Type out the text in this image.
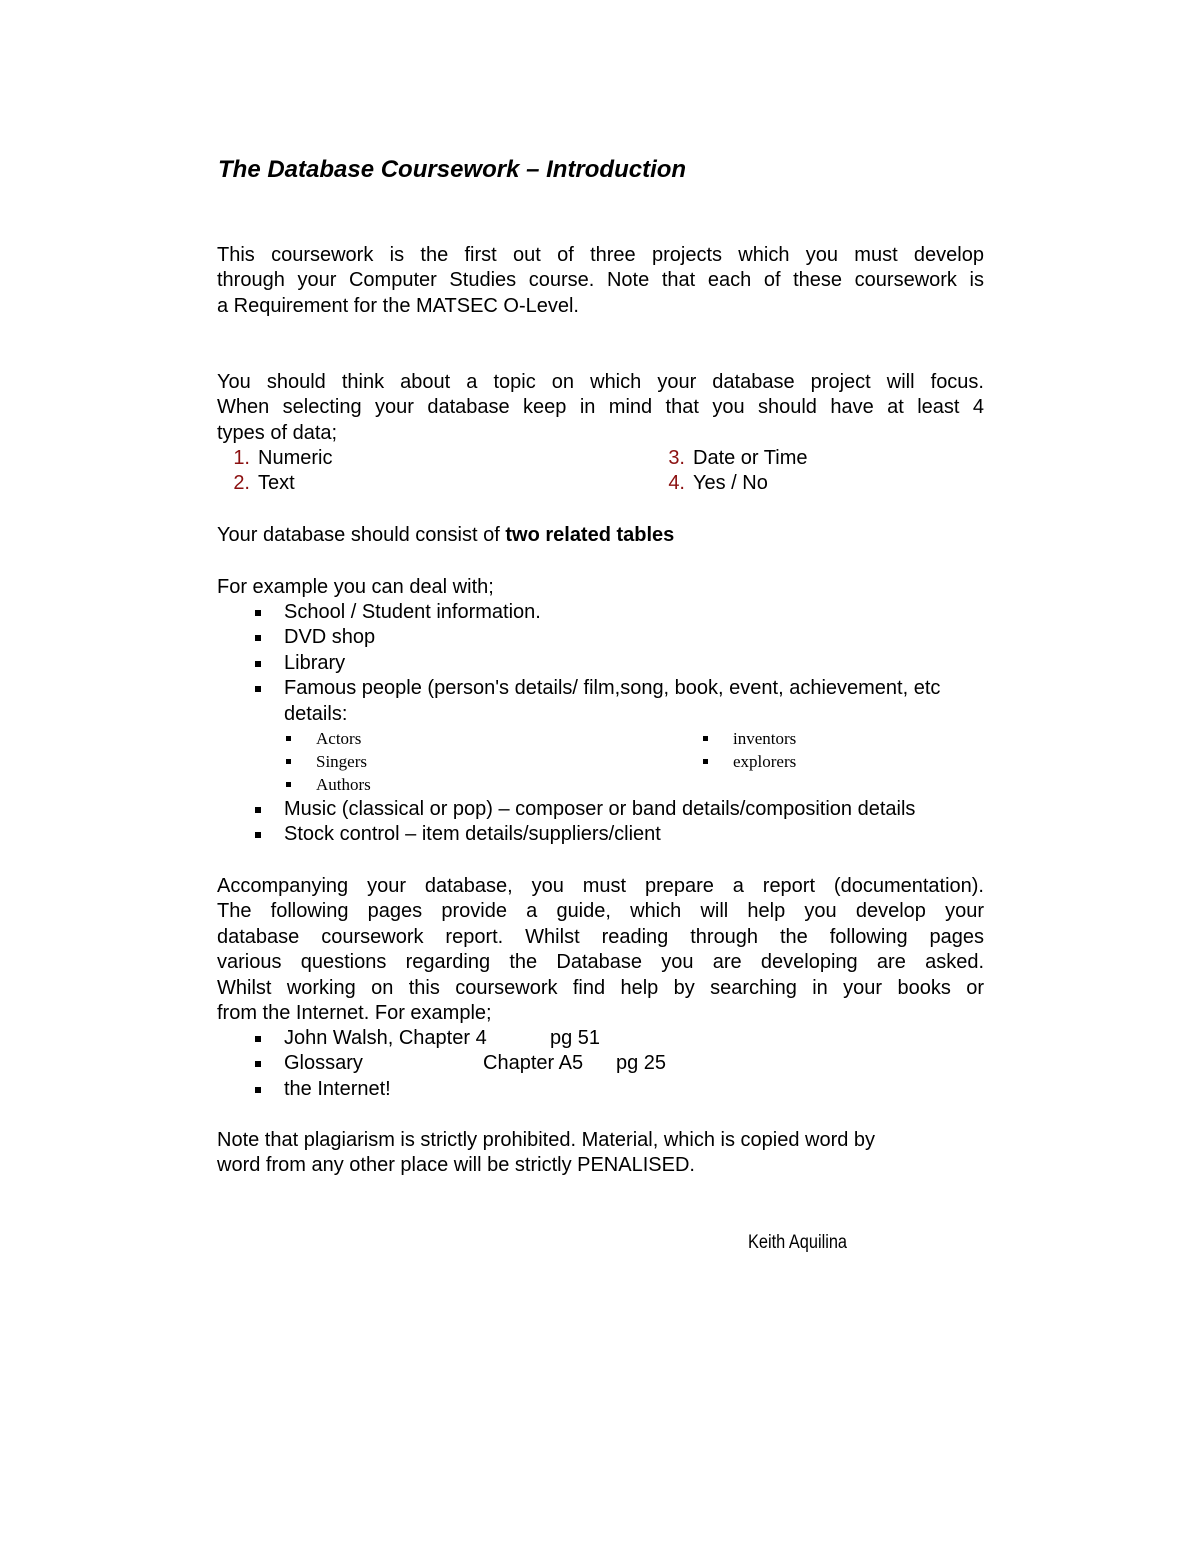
The Database Coursework – Introduction
This coursework is the first out of three projects which you must develop
through your Computer Studies course. Note that each of these coursework is
a Requirement for the MATSEC O-Level.
You should think about a topic on which your database project will focus.
When selecting your database keep in mind that you should have at least 4
types of data;
1. Numeric
2. Text
3. Date or Time
4. Yes / No

Your database should consist of two related tables

For example you can deal with;

School / Student information.
DVD shop
Library
Famous people (person's details/ film,song, book, event, achievement, etc details:
Actors
Singers
Authors
inventors
explorers
Music (classical or pop) – composer or band details/composition details
Stock control – item details/suppliers/client
Accompanying your database, you must prepare a report (documentation).
The following pages provide a guide, which will help you develop your
database coursework report. Whilst reading through the following pages
various questions regarding the Database you are developing are asked.
Whilst working on this coursework find help by searching in your books or
from the Internet. For example;
John Walsh, Chapter 4	pg 51
Glossary	Chapter A5 pg 25
the Internet!
Note that plagiarism is strictly prohibited. Material, which is copied word by
word from any other place will be strictly PENALISED.

Keith Aquilina
